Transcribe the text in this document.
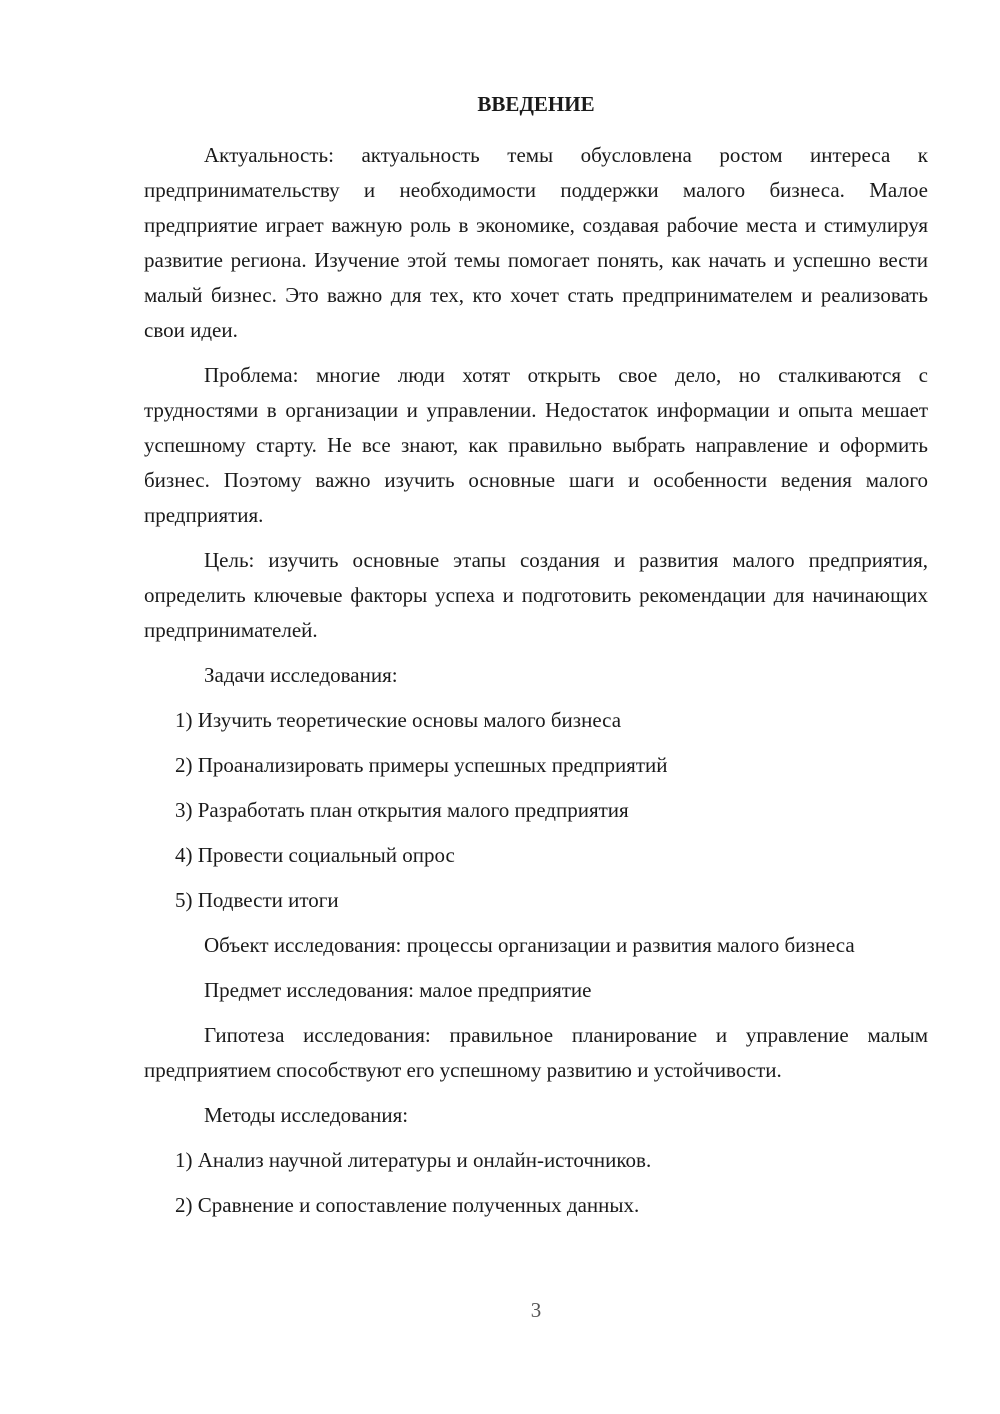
ВВЕДЕНИЕ
Актуальность: актуальность темы обусловлена ростом интереса к предпринимательству и необходимости поддержки малого бизнеса. Малое предприятие играет важную роль в экономике, создавая рабочие места и стимулируя развитие региона. Изучение этой темы помогает понять, как начать и успешно вести малый бизнес. Это важно для тех, кто хочет стать предпринимателем и реализовать свои идеи.
Проблема: многие люди хотят открыть свое дело, но сталкиваются с трудностями в организации и управлении. Недостаток информации и опыта мешает успешному старту. Не все знают, как правильно выбрать направление и оформить бизнес. Поэтому важно изучить основные шаги и особенности ведения малого предприятия.
Цель: изучить основные этапы создания и развития малого предприятия, определить ключевые факторы успеха и подготовить рекомендации для начинающих предпринимателей.
Задачи исследования:
1) Изучить теоретические основы малого бизнеса
2) Проанализировать примеры успешных предприятий
3) Разработать план открытия малого предприятия
4) Провести социальный опрос
5) Подвести итоги
Объект исследования: процессы организации и развития малого бизнеса
Предмет исследования: малое предприятие
Гипотеза исследования: правильное планирование и управление малым предприятием способствуют его успешному развитию и устойчивости.
Методы исследования:
1) Анализ научной литературы и онлайн-источников.
2) Сравнение и сопоставление полученных данных.
3
